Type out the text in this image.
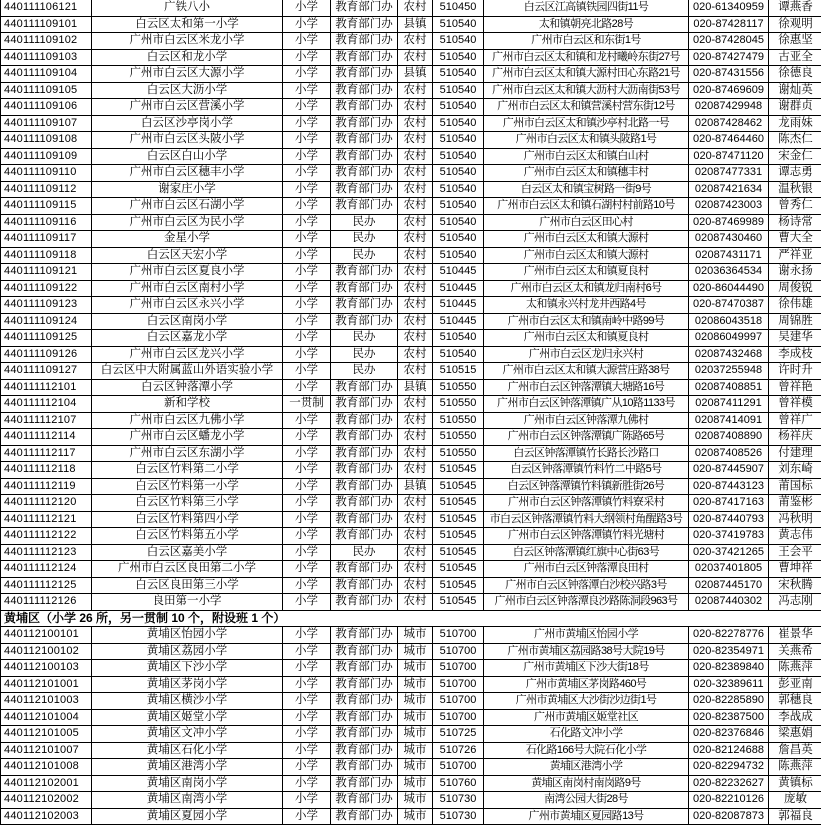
440111106121	广铁八小	小学	教育部门办 农村	510450	白云区江高镇铁园四街11号	020-61340959	谭燕香
440111109101	白云区太和第一小学	小学	教育部门办 县镇	510540	太和镇朝亮北路28号	020-87428117	徐观明
440111109102	广州市白云区米龙小学	小学	教育部门办 农村	510540	广州市白云区和东街1号	020-87428045	徐惠坚
440111109103	白云区和龙小学	小学	教育部门办 农村	510540	广州市白云区太和镇和龙村曦岭东街27号	020-87427479	古亚全
440111109104	广州市白云区大源小学	小学	教育部门办 县镇	510540	广州市白云区太和镇大源村田心东路21号	020-87431556	徐德良
440111109105	白云区大沥小学	小学	教育部门办 农村	510540	广州市白云区太和镇大沥村大沥南街53号	020-87469609	谢灿英
440111109106	广州市白云区营溪小学	小学	教育部门办 农村	510540	广州市白云区太和镇营溪村营东街12号	02087429948	谢群贞
440111109107	白云区沙亭岗小学	小学	教育部门办 农村	510540	广州市白云区太和镇沙亭村北路一号	02087428462	龙雨妹
440111109108	广州市白云区头陂小学	小学	教育部门办 农村	510540	广州市白云区太和镇头陂路1号	020-87464460	陈杰仁
440111109109	白云区白山小学	小学	教育部门办 农村	510540	广州市白云区太和镇白山村	020-87471120	宋金仁
440111109110	广州市白云区穗丰小学	小学	教育部门办 农村	510540	广州市白云区太和镇穗丰村	02087477331	谭志勇
440111109112	谢家庄小学	小学	教育部门办 农村	510540	白云区太和镇宝树路一街9号	02087421634	温秋银
440111109115	广州市白云区石湖小学	小学	教育部门办 农村	510540	广州市白云区太和镇石湖村村前路10号	02087423003	曾秀仁
440111109116	广州市白云区为民小学	小学	民办	农村	510540	广州市白云区田心村	020-87469989	杨诗常
440111109117	金星小学	小学	民办	农村	510540	广州市白云区太和镇大源村	02087430460	曹大全
440111109118	白云区天宏小学	小学	民办	农村	510540	广州市白云区太和镇大源村	02087431171	严祥亚
440111109121	广州市白云区夏良小学	小学	教育部门办 农村	510445	广州市白云区太和镇夏良村	02036364534	谢永扬
440111109122	广州市白云区南村小学	小学	教育部门办 农村	510445	广州市白云区太和镇龙归南村6号	020-86044490	周俊锐
440111109123	广州市白云区永兴小学	小学	教育部门办 农村	510445	太和镇永兴村龙井西路4号	020-87470387	徐伟雄
440111109124	白云区南岗小学	小学	教育部门办 农村	510445	广州市白云区太和镇南岭中路99号	02086043518	周锦胜
440111109125	白云区嘉龙小学	小学	民办	农村	510540	广州市白云区太和镇夏良村	02086049997	吴建华
440111109126	广州市白云区龙兴小学	小学	民办	农村	510540	广州市白云区龙归永兴村	02087432468	李成枝
440111109127	白云区中大附属蓝山外语实验小学	小学	民办	农村	510515	广州市白云区太和镇大源营庄路38号	02037255948	许时升
440111112101	白云区钟落潭小学	小学	教育部门办 县镇	510550	广州市白云区钟落潭镇大塘路16号	02087408851	曾祥艳
440111112104	新和学校	一贯制	教育部门办 农村	510550	广州市白云区钟落潭镇广从10路1133号	02087411291	曾祥模
440111112107	广州市白云区九佛小学	小学	教育部门办 农村	510550	广州市白云区钟落潭九佛村	02087414091	曾祥广
440111112114	广州市白云区蟠龙小学	小学	教育部门办 农村	510550	广州市白云区钟落潭镇广陈路65号	02087408890	杨祥庆
440111112117	广州市白云区东湖小学	小学	教育部门办 农村	510550	白云区钟落潭镇竹长路长沙路口	02087408526	付建理
440111112118	白云区竹料第二小学	小学	教育部门办 农村	510545	白云区钟落潭镇竹料竹二中路5号	020-87445907	刘东崎
440111112119	白云区竹料第一小学	小学	教育部门办 县镇	510545	白云区钟落潭镇竹料镇新胜街26号	020-87443123	莆国标
440111112120	白云区竹料第三小学	小学	教育部门办 农村	510545	广州市白云区钟落潭镇竹料寮采村	020-87417163	莆鉴彬
440111112121	白云区竹料第四小学	小学	教育部门办 农村	510545	市白云区钟落潭镇竹料大纲领村角醒路3号 020-87440793	冯秋明
440111112122	白云区竹料第五小学	小学	教育部门办 农村	510545	广州市白云区钟落潭镇竹料光塘村	020-37419783	黄志伟
440111112123	白云区嘉美小学	小学	民办	农村	510545	白云区钟落潭镇红旗中心街63号	020-37421265	王会平
440111112124	广州市白云区良田第二小学	小学	教育部门办 农村	510545	广州市白云区钟落潭良田村	02037401805	曹坤祥
440111112125	白云区良田第三小学	小学	教育部门办 农村	510545	广州市白云区钟落潭白沙校兴路3号	02087445170	宋秋腾
440111112126	良田第一小学	小学	教育部门办 农村	510545	广州市白云区钟落潭良沙路陈洞段963号	02087440302	冯志刚
黄埔区（小学 26 所，另一贯制 10 个，附设班 1 个）
440112100101	黄埔区怡园小学	小学	教育部门办 城市	510700	广州市黄埔区怡园小学	020-82278776	崔景华
440112100102	黄埔区荔园小学	小学	教育部门办 城市	510700	广州市黄埔区荔园路38号大院19号	020-82354971	关燕希
440112100103	黄埔区下沙小学	小学	教育部门办 城市	510700	广州市黄埔区下沙大街18号	020-82389840	陈燕萍
440112101001	黄埔区茅岗小学	小学	教育部门办 城市	510700	广州市黄埔区茅岗路460号	020-32389611	彭亚南
440112101003	黄埔区横沙小学	小学	教育部门办 城市	510700	广州市黄埔区大沙街沙边街1号	020-82285890	郭穗良
440112101004	黄埔区姬堂小学	小学	教育部门办 城市	510700	广州市黄埔区姬堂社区	020-82387500	李战成
440112101005	黄埔区文冲小学	小学	教育部门办 城市	510725	石化路文冲小学	020-82376846	梁惠娟
440112101007	黄埔区石化小学	小学	教育部门办 城市	510726	石化路166号大院石化小学	020-82124688	詹昌英
440112101008	黄埔区港湾小学	小学	教育部门办 城市	510700	黄埔区港湾小学	020-82294732	陈燕萍
440112102001	黄埔区南岗小学	小学	教育部门办 城市	510760	黄埔区南岗村南岗路9号	020-82232627	黄镇标
440112102002	黄埔区南湾小学	小学	教育部门办 城市	510730	南湾公园大街28号	020-82210126	庞敏
440112102003	黄埔区夏园小学	小学	教育部门办 城市	510730	广州市黄埔区夏园路13号	020-82087873	郭福良
